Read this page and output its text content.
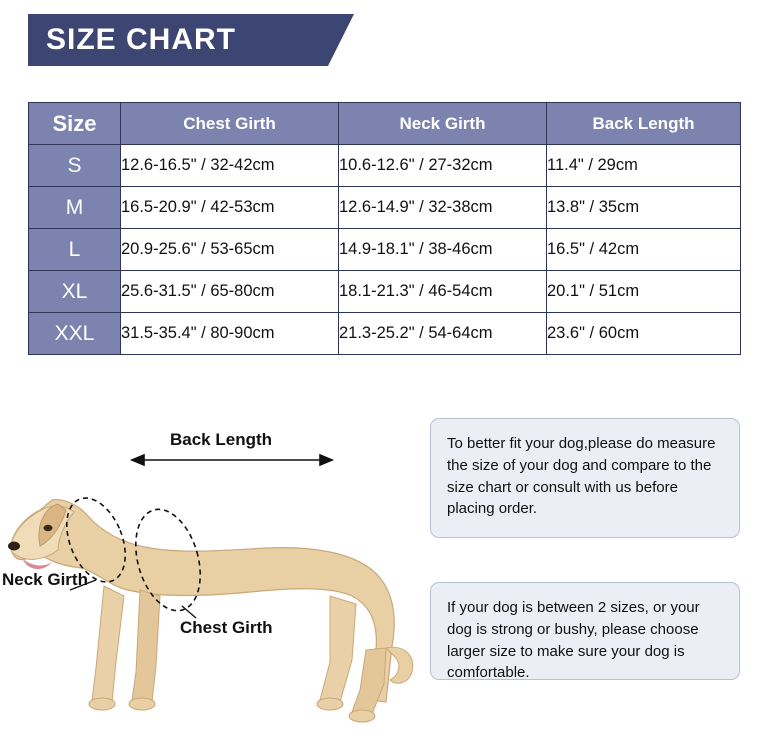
SIZE CHART
Size	Chest Girth	Neck Girth	Back Length
S	12.6-16.5" / 32-42cm	10.6-12.6" / 27-32cm	11.4" / 29cm
M	16.5-20.9" / 42-53cm	12.6-14.9" / 32-38cm	13.8" / 35cm
L	20.9-25.6" / 53-65cm	14.9-18.1" / 38-46cm	16.5" / 42cm
XL	25.6-31.5" / 65-80cm	18.1-21.3" / 46-54cm	20.1" / 51cm
XXL	31.5-35.4" / 80-90cm	21.3-25.2" / 54-64cm	23.6" / 60cm
Back Length
Neck Girth
Chest Girth
To better fit your dog,please do measure the size of your dog and compare to the size chart or consult with us before placing order.
If your dog is between 2 sizes, or your dog is strong or bushy, please choose larger size to make sure your dog is comfortable.
